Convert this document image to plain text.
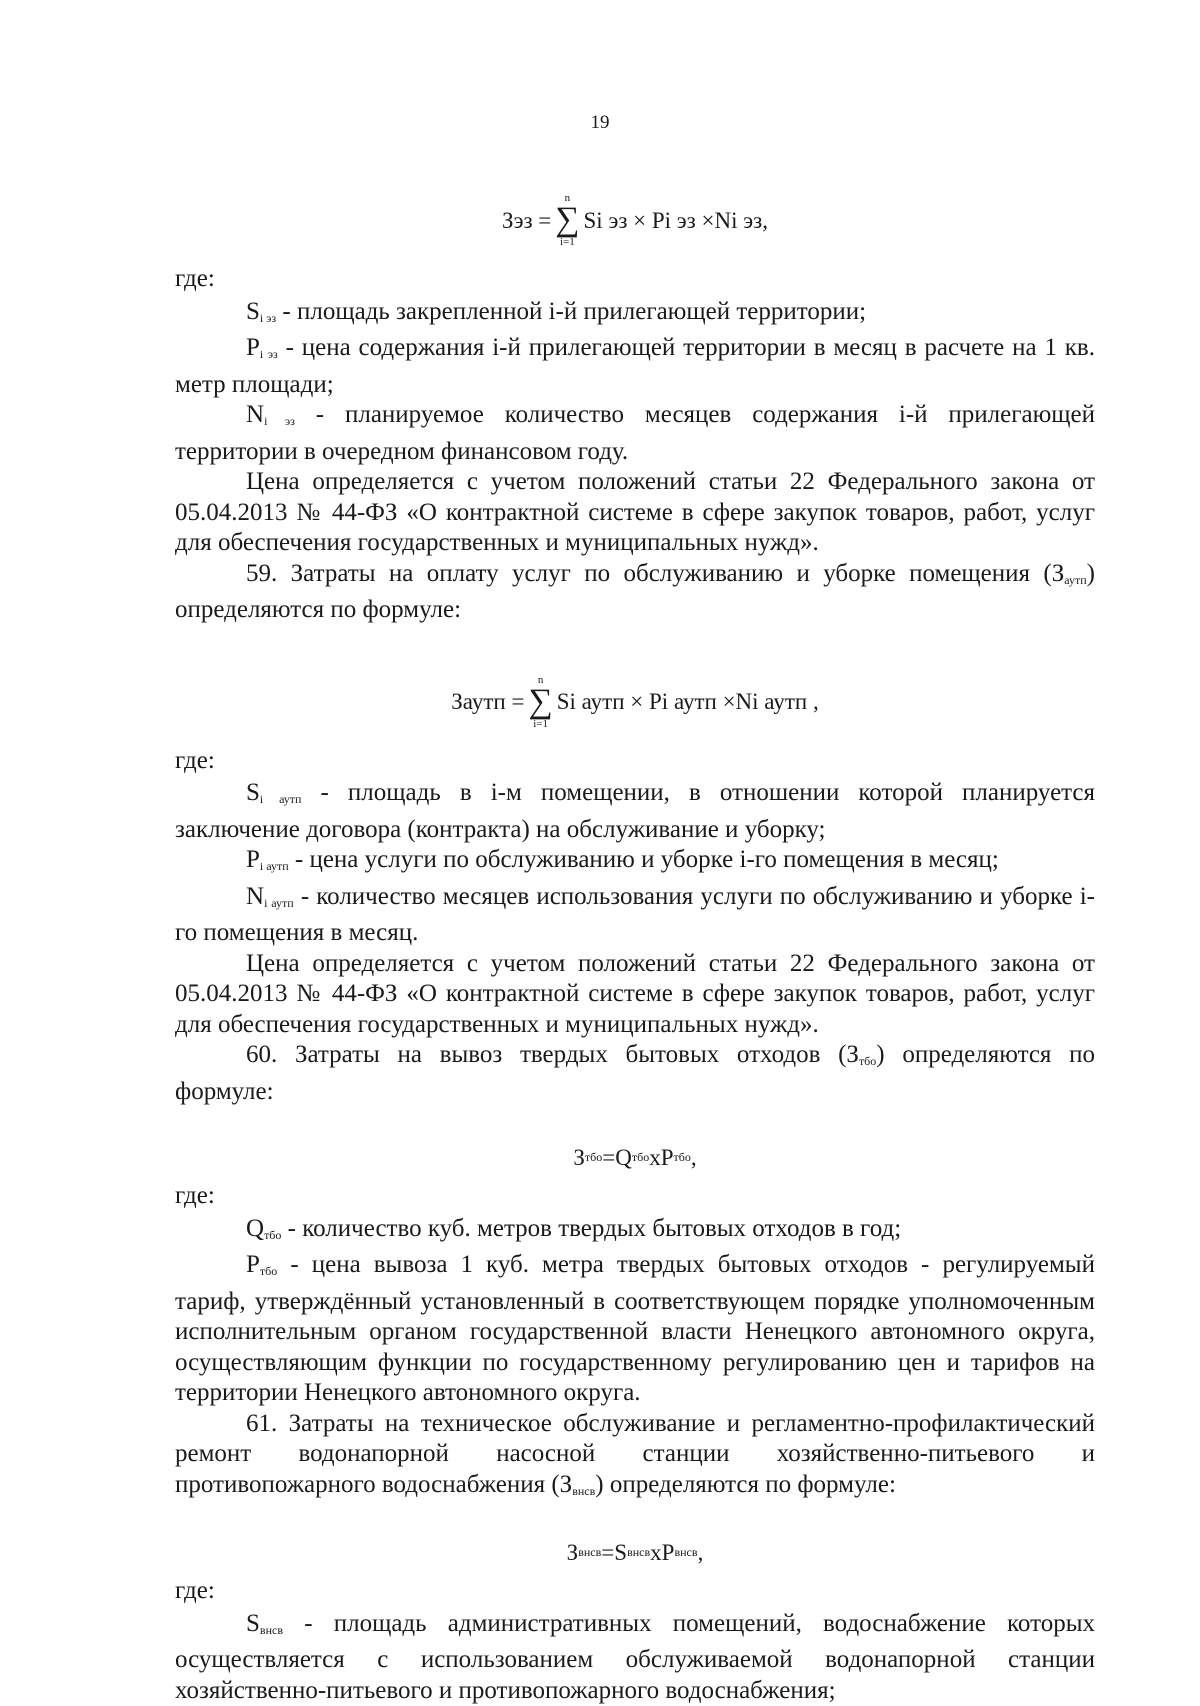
19
Зэз =
n
∑
i=1
Si эз × Pi эз ×Ni эз,

где:

$S_{i эз}$ - площадь закрепленной i-й прилегающей территории;

$P_{i эз}$ - цена содержания i-й прилегающей территории в месяц в расчете на 1 кв. метр площади;

$N_{i эз}$ - планируемое количество месяцев содержания i-й прилегающей территории в очередном финансовом году.

Цена определяется с учетом положений статьи 22 Федерального закона от 05.04.2013 № 44-ФЗ «О контрактной системе в сфере закупок товаров, работ, услуг для обеспечения государственных и муниципальных нужд».

59. Затраты на оплату услуг по обслуживанию и уборке помещения $(З_{аутп})$ определяются по формуле:

Заутп =
n
∑
i=1
Si аутп × Pi аутп ×Ni аутп ,

где:

$S_{i аутп}$ - площадь в i-м помещении, в отношении которой планируется заключение договора (контракта) на обслуживание и уборку;

$P_{i аутп}$ - цена услуги по обслуживанию и уборке i-го помещения в месяц;

$N_{i аутп}$ - количество месяцев использования услуги по обслуживанию и уборке i-го помещения в месяц.

Цена определяется с учетом положений статьи 22 Федерального закона от 05.04.2013 № 44-ФЗ «О контрактной системе в сфере закупок товаров, работ, услуг для обеспечения государственных и муниципальных нужд».

60. Затраты на вывоз твердых бытовых отходов $(З_{тбо})$ определяются по формуле:

З тбо = Q тбо x P тбо ,

где:

$Q_{тбо}$ - количество куб. метров твердых бытовых отходов в год;

$P_{тбо}$ - цена вывоза 1 куб. метра твердых бытовых отходов - регулируемый тариф, утверждённый установленный в соответствующем порядке уполномоченным исполнительным органом государственной власти Ненецкого автономного округа, осуществляющим функции по государственному регулированию цен и тарифов на территории Ненецкого автономного округа.

61. Затраты на техническое обслуживание и регламентно-профилактический ремонт водонапорной насосной станции хозяйственно-питьевого и противопожарного водоснабжения $(З_{внсв})$ определяются по формуле:

З внсв = S внсв x P внсв ,

где:

$S_{внсв}$ - площадь административных помещений, водоснабжение которых осуществляется с использованием обслуживаемой водонапорной станции хозяйственно-питьевого и противопожарного водоснабжения;
